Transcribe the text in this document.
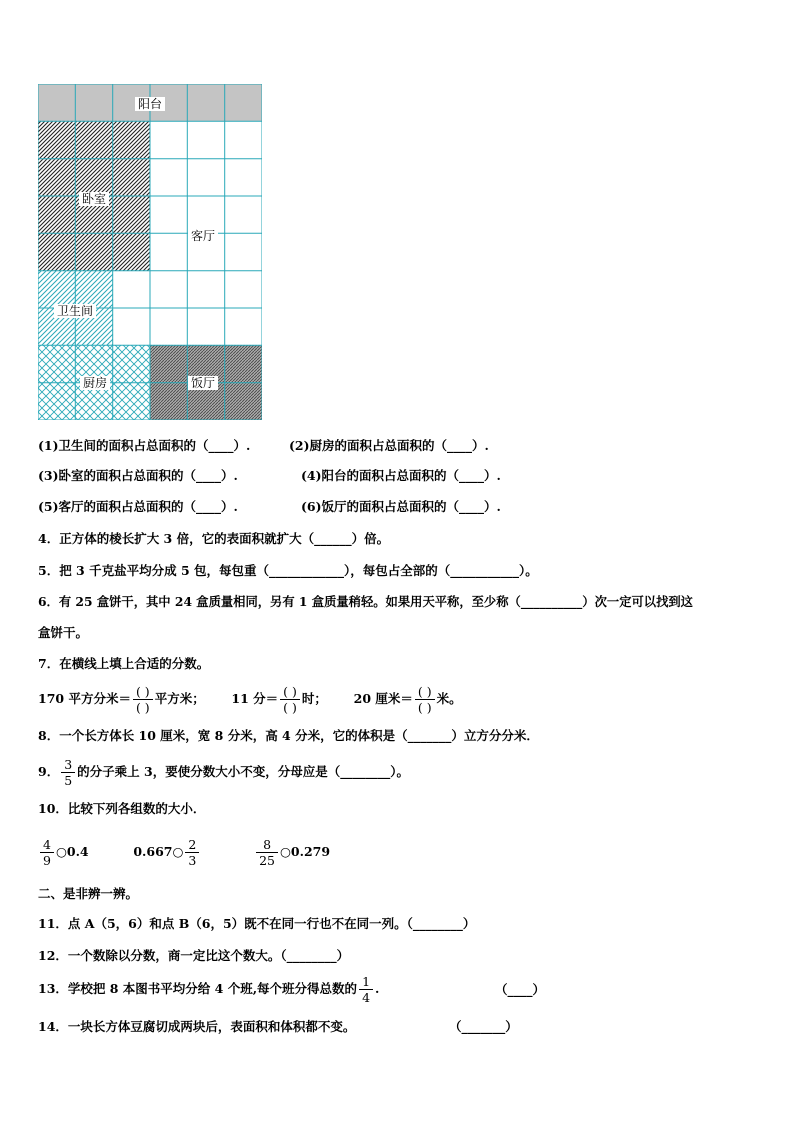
阳台
卧室
客厅
卫生间
厨房	饭厅
(1)卫生间的面积占总面积的（____）.	(2)厨房的面积占总面积的（____）.
(3)卧室的面积占总面积的（____）.	(4)阳台的面积占总面积的（____）.
(5)客厅的面积占总面积的（____）.	(6)饭厅的面积占总面积的（____）.
4．正方体的棱长扩大 3 倍，它的表面积就扩大（______）倍。
5．把 3 千克盐平均分成 5 包，每包重（____________），每包占全部的（___________）。
6．有 25 盒饼干，其中 24 盒质量相同，另有 1 盒质量稍轻。如果用天平称，至少称（__________）次一定可以找到这
盒饼干。
7．在横线上填上合适的分数。
170 平方分米＝ $\frac{( )}{( )}$ 平方米； 11 分＝ $\frac{( )}{( )}$ 时； 20 厘米＝ $\frac{( )}{( )}$ 米。
8．一个长方体长 10 厘米，宽 8 分米，高 4 分米，它的体积是（_______）立方分分米．
9． $\frac{3}{5}$ 的分子乘上 3，要使分数大小不变，分母应是（________）。
10．比较下列各组数的大小．
$\frac{4}{9}$ ○0.4	0.667○ $\frac{2}{3}$
	$\frac{8}{25}$ ○0.279
二、是非辨一辨。
11．点 A（5，6）和点 B（6，5）既不在同一行也不在同一列。（________）
12．一个数除以分数，商一定比这个数大。（________）
13．学校把 8 本图书平均分给 4 个班,每个班分得总数的 $\frac{1}{4}$ .	（____）
14．一块长方体豆腐切成两块后，表面积和体积都不变。	（_______）
